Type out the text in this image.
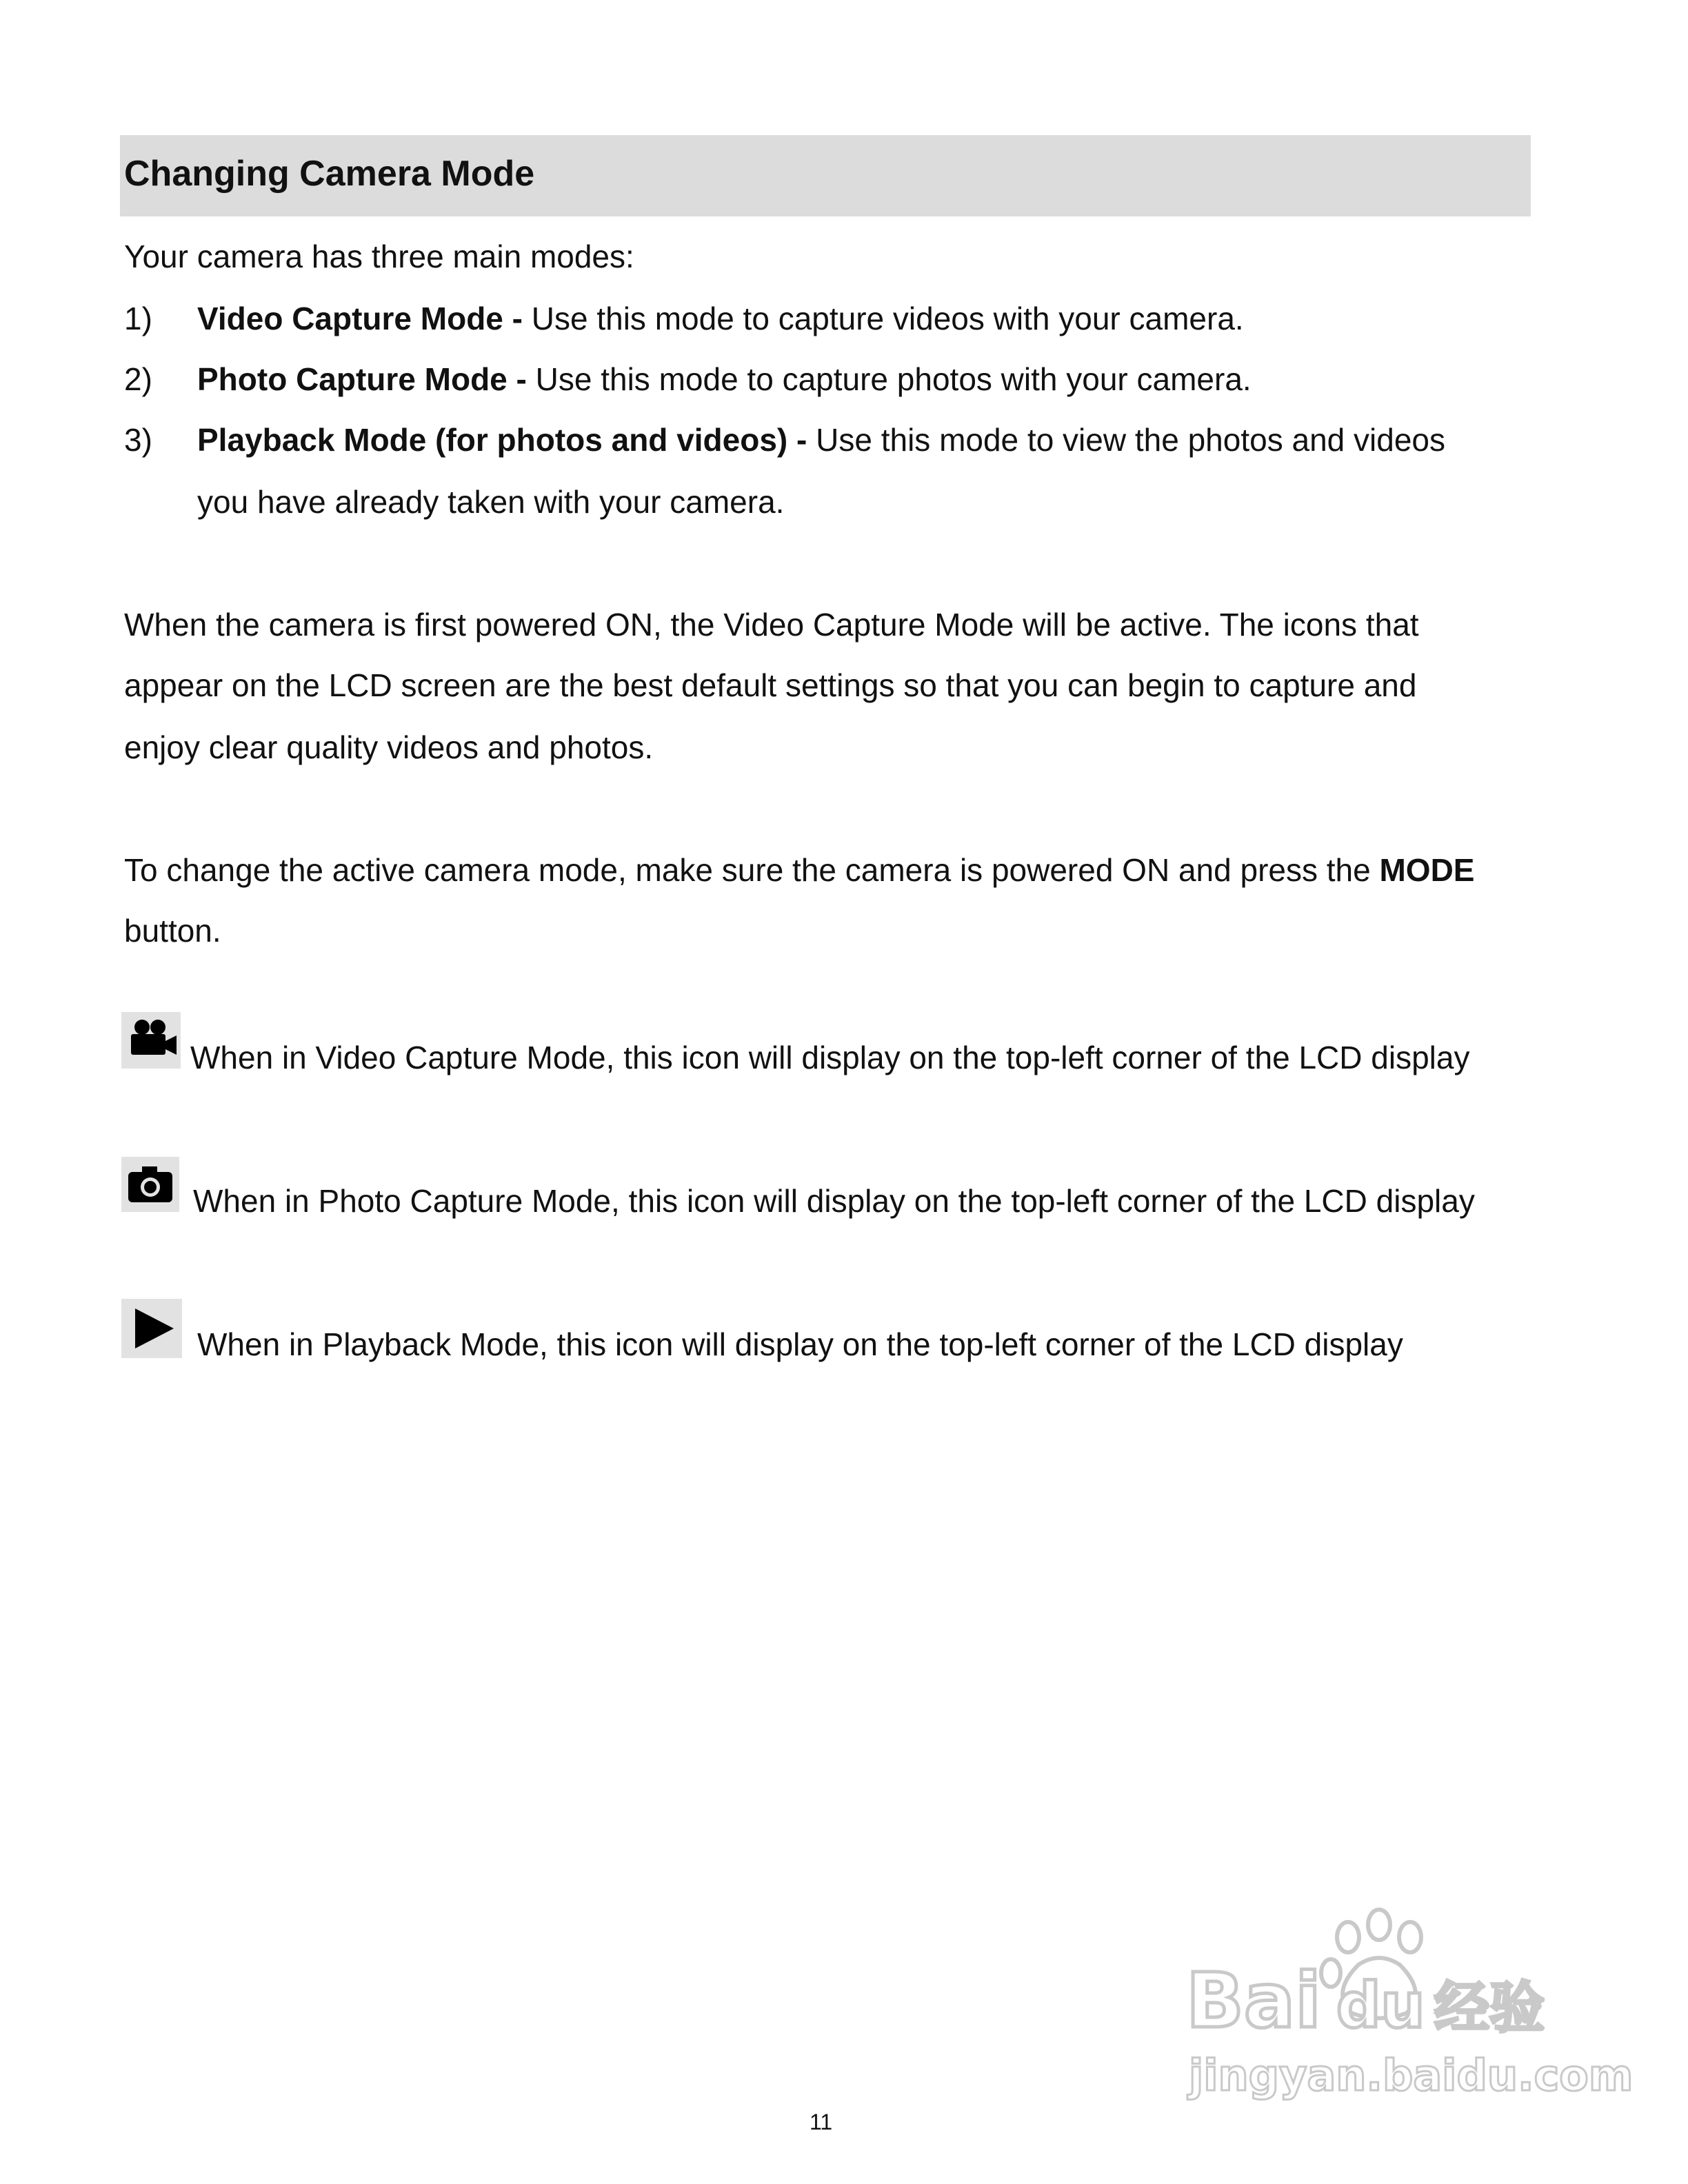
Changing Camera Mode
Your camera has three main modes:
1) Video Capture Mode - Use this mode to capture videos with your camera.
2) Photo Capture Mode - Use this mode to capture photos with your camera.
3) Playback Mode (for photos and videos) - Use this mode to view the photos and videos
you have already taken with your camera.
When the camera is first powered ON, the Video Capture Mode will be active. The icons that
appear on the LCD screen are the best default settings so that you can begin to capture and
enjoy clear quality videos and photos.
To change the active camera mode, make sure the camera is powered ON and press the MODE
button.
When in Video Capture Mode, this icon will display on the top-left corner of the LCD display
When in Photo Capture Mode, this icon will display on the top-left corner of the LCD display
When in Playback Mode, this icon will display on the top-left corner of the LCD display
Bai du 经验
jingyan.baidu.com
11
